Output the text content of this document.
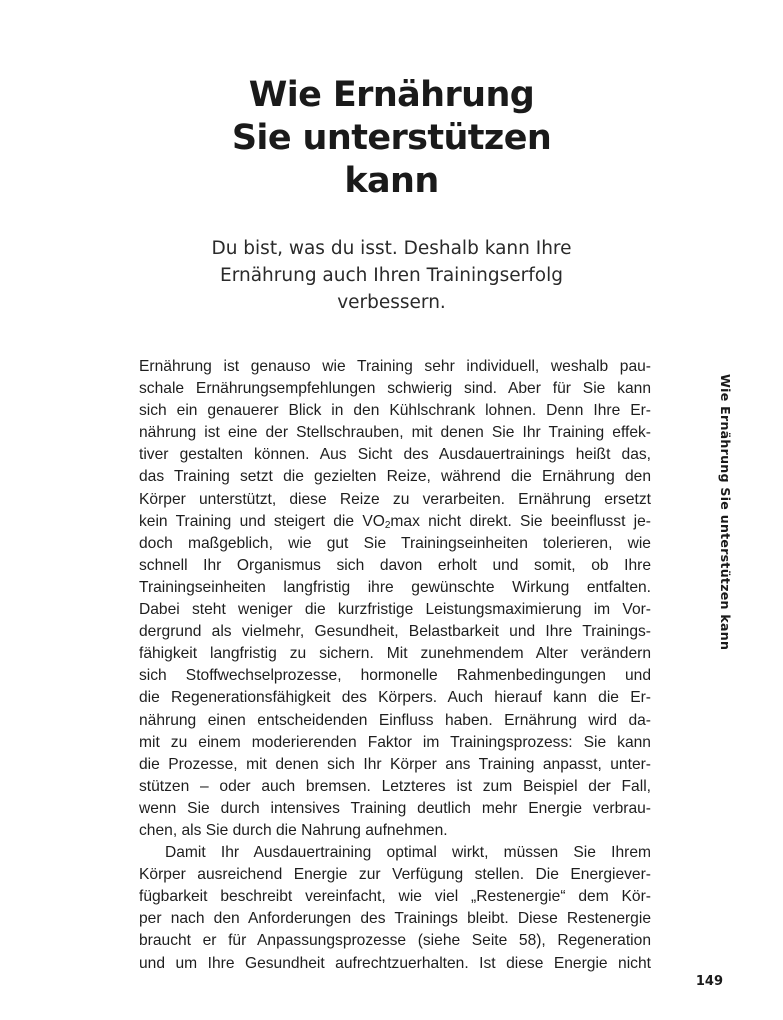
Wie Ernährung
Sie unterstützen
kann

Du bist, was du isst. Deshalb kann Ihre
Ernährung auch Ihren Trainingserfolg
verbessern.

Ernährung ist genauso wie Training sehr individuell, weshalb pau-
schale Ernährungsempfehlungen schwierig sind. Aber für Sie kann
sich ein genauerer Blick in den Kühlschrank lohnen. Denn Ihre Er-
nährung ist eine der Stellschrauben, mit denen Sie Ihr Training effek-
tiver gestalten können. Aus Sicht des Ausdauertrainings heißt das,
das Training setzt die gezielten Reize, während die Ernährung den
Körper unterstützt, diese Reize zu verarbeiten. Ernährung ersetzt
kein Training und steigert die $VO_2\max$ nicht direkt. Sie beeinflusst je-
doch maßgeblich, wie gut Sie Trainingseinheiten tolerieren, wie
schnell Ihr Organismus sich davon erholt und somit, ob Ihre
Trainingseinheiten langfristig ihre gewünschte Wirkung entfalten.
Dabei steht weniger die kurzfristige Leistungsmaximierung im Vor-
dergrund als vielmehr, Gesundheit, Belastbarkeit und Ihre Trainings-
fähigkeit langfristig zu sichern. Mit zunehmendem Alter verändern
sich Stoffwechselprozesse, hormonelle Rahmenbedingungen und
die Regenerationsfähigkeit des Körpers. Auch hierauf kann die Er-
nährung einen entscheidenden Einfluss haben. Ernährung wird da-
mit zu einem moderierenden Faktor im Trainingsprozess: Sie kann
die Prozesse, mit denen sich Ihr Körper ans Training anpasst, unter-
stützen – oder auch bremsen. Letzteres ist zum Beispiel der Fall,
wenn Sie durch intensives Training deutlich mehr Energie verbrau-
chen, als Sie durch die Nahrung aufnehmen.
Damit Ihr Ausdauertraining optimal wirkt, müssen Sie Ihrem
Körper ausreichend Energie zur Verfügung stellen. Die Energiever-
fügbarkeit beschreibt vereinfacht, wie viel „Restenergie“ dem Kör-
per nach den Anforderungen des Trainings bleibt. Diese Restenergie
braucht er für Anpassungsprozesse (siehe Seite 58), Regeneration
und um Ihre Gesundheit aufrechtzuerhalten. Ist diese Energie nicht
Wie Ernährung Sie unterstützen kann
149
